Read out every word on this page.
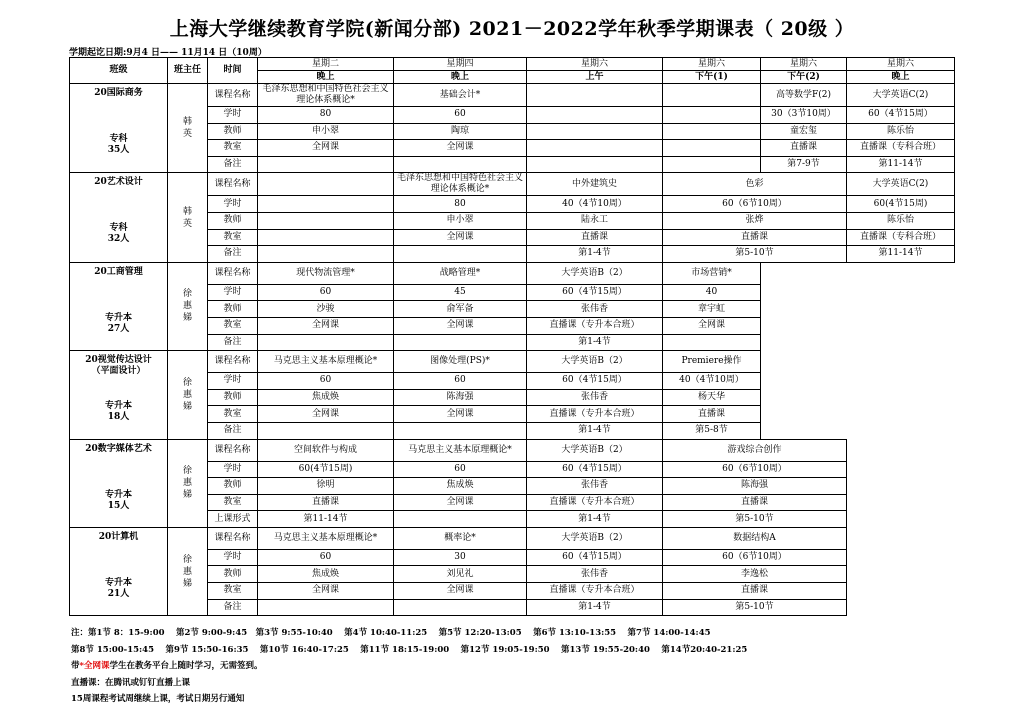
上海大学继续教育学院(新闻分部) 2021－2022学年秋季学期课表（ 20级 ）
学期起讫日期:9月4 日—— 11月14 日（10周）
班级	班主任	时间	星期二	星期四	星期六	星期六	星期六	星期六
			晚上	晚上	上午	下午(1)	下午(2)	晚上

20国际商务
专科
35人	韩英	课程名称	毛泽东思想和中国特色社会主义理论体系概论*	基础会计*			高等数学F(2)	大学英语C(2)
		学时	80	60			30（3节10周）	60（4节15周）
		教师	申小翠	陶琼			童宏玺	陈乐怡
		教室	全网课	全网课			直播课	直播课（专科合班）
		备注					第7-9节	第11-14节

20艺术设计
专科
32人	韩英	课程名称		毛泽东思想和中国特色社会主义理论体系概论*	中外建筑史	色彩		大学英语C(2)
		学时		80	40（4节10周）	60（6节10周）		60(4节15周)
		教师		申小翠	陆永工	张烨		陈乐怡
		教室		全网课	直播课	直播课		直播课（专科合班）
		备注			第1-4节	第5-10节		第11-14节

20工商管理
专升本
27人	徐惠娣	课程名称	现代物流管理*	战略管理*	大学英语B（2）	市场营销*		
		学时	60	45	60（4节15周）	40		
		教师	沙骏	俞军备	张伟香	章宇虹		
		教室	全网课	全网课	直播课（专升本合班）	全网课		
		备注			第1-4节			

20视觉传达设计
（平面设计）
专升本
18人	徐惠娣	课程名称	马克思主义基本原理概论*	图像处理(PS)*	大学英语B（2）	Premiere操作		
		学时	60	60	60（4节15周）	40（4节10周）		
		教师	焦成焕	陈海强	张伟香	杨天华		
		教室	全网课	全网课	直播课（专升本合班）	直播课		
		备注			第1-4节	第5-8节		

20数字媒体艺术
专升本
15人	徐惠娣	课程名称	空间软件与构成	马克思主义基本原理概论*	大学英语B（2）	游戏综合创作		
		学时	60(4节15周)	60	60（4节15周）	60（6节10周）		
		教师	徐明	焦成焕	张伟香	陈海强		
		教室	直播课	全网课	直播课（专升本合班）	直播课		
		上课形式	第11-14节		第1-4节	第5-10节		

20计算机
专升本
21人	徐惠娣	课程名称	马克思主义基本原理概论*	概率论*	大学英语B（2）	数据结构A		
		学时	60	30	60（4节15周）	60（6节10周）		
		教师	焦成焕	刘见礼	张伟香	李逸松		
		教室	全网课	全网课	直播课（专升本合班）	直播课		
		备注			第1-4节	第5-10节		
注：第1节 8：15-9:00　 第2节 9:00-9:45　第3节 9:55-10:40　 第4节 10:40-11:25　 第5节 12:20-13:05　 第6节 13:10-13:55　 第7节 14:00-14:45
第8节 15:00-15:45　 第9节 15:50-16:35　 第10节 16:40-17:25　 第11节 18:15-19:00　 第12节 19:05-19:50　 第13节 19:55-20:40　 第14节20:40-21:25
带*全网课学生在教务平台上随时学习，无需签到。
直播课：在腾讯或钉钉直播上课
15周课程考试周继续上课，考试日期另行通知
